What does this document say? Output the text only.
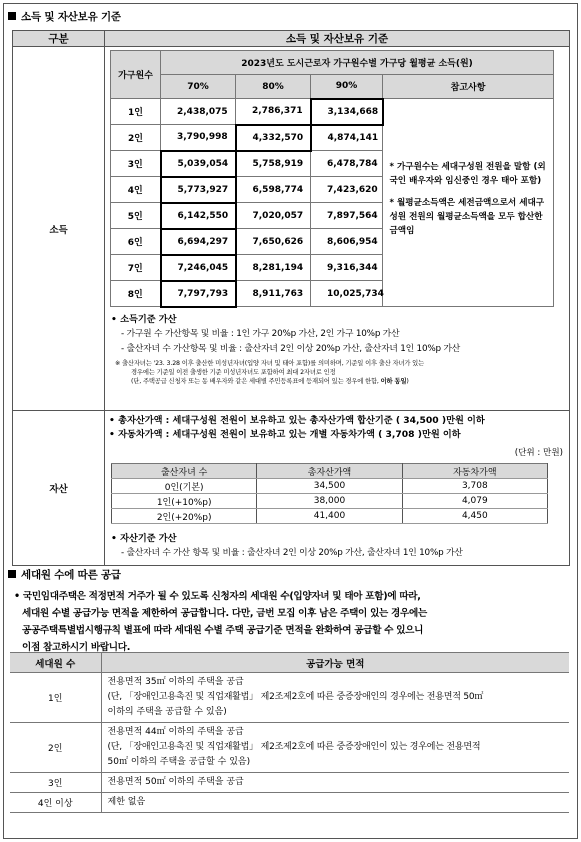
소득 및 자산보유 기준
구분	소득 및 자산보유 기준
소득	
가구원수	2023년도 도시근로자 가구원수별 가구당 월평균 소득(원)
70%	80%	90%	참고사항
1인	2,438,075	2,786,371	3,134,668	

* 가구원수는 세대구성원 전원을 말함 (외국인 배우자와 임신중인 경우 태아 포함)

* 월평균소득액은 세전금액으로서 세대구성원 전원의 월평균소득액을 모두 합산한 금액임

2인	3,790,998	4,332,570	4,874,141
3인	5,039,054	5,758,919	6,478,784
4인	5,773,927	6,598,774	7,423,620
5인	6,142,550	7,020,057	7,897,564
6인	6,694,297	7,650,626	8,606,954
7인	7,246,045	8,281,194	9,316,344
8인	7,797,793	8,911,763	10,025,734
• 소득기준 가산
- 가구원 수 가산항목 및 비율 : 1인 가구 20%p 가산, 2인 가구 10%p 가산
- 출산자녀 수 가산항목 및 비율 : 출산자녀 2인 이상 20%p 가산, 출산자녀 1인 10%p 가산
※ 출산자녀는 '23. 3.28 이후 출산한 미성년자녀(입양 자녀 및 태아 포함)를 의미하며, 기준일 이후 출산 자녀가 있는
경우에는 기준일 이전 출생한 기준 미성년자녀도 포함하여 최대 2자녀로 인정
(단, 주택공급 신청자 또는 동 배우자와 같은 세대별 주민등록표에 등재되어 있는 경우에 한함, 이하 동일)

자산	
• 총자산가액 : 세대구성원 전원이 보유하고 있는 총자산가액 합산기준 ( 34,500 )만원 이하
• 자동차가액 : 세대구성원 전원이 보유하고 있는 개별 자동차가액 ( 3,708 )만원 이하
(단위 : 만원)
출산자녀 수	총자산가액	자동차가액
0인(기본)	34,500	3,708
1인(+10%p)	38,000	4,079
2인(+20%p)	41,400	4,450
• 자산기준 가산
- 출산자녀 수 가산 항목 및 비율 : 출산자녀 2인 이상 20%p 가산, 출산자녀 1인 10%p 가산
세대원 수에 따른 공급
• 국민임대주택은 적정면적 거주가 될 수 있도록 신청자의 세대원 수(입양자녀 및 태아 포함)에 따라,
세대원 수별 공급가능 면적을 제한하여 공급합니다. 다만, 금번 모집 이후 남은 주택이 있는 경우에는
공공주택특별법시행규칙 별표에 따라 세대원 수별 주택 공급기준 면적을 완화하여 공급할 수 있으니
이점 참고하시기 바랍니다.
세대원 수	공급가능 면적
1인	전용면적 35㎡ 이하의 주택을 공급
(단, 「장애인고용촉진 및 직업재활법」 제2조제2호에 따른 중증장애인의 경우에는 전용면적 50㎡
이하의 주택을 공급할 수 있음)

2인	전용면적 44㎡ 이하의 주택을 공급
(단, 「장애인고용촉진 및 직업재활법」 제2조제2호에 따른 중증장애인이 있는 경우에는 전용면적
50㎡ 이하의 주택을 공급할 수 있음)

3인	전용면적 50㎡ 이하의 주택을 공급
4인 이상	제한 없음
